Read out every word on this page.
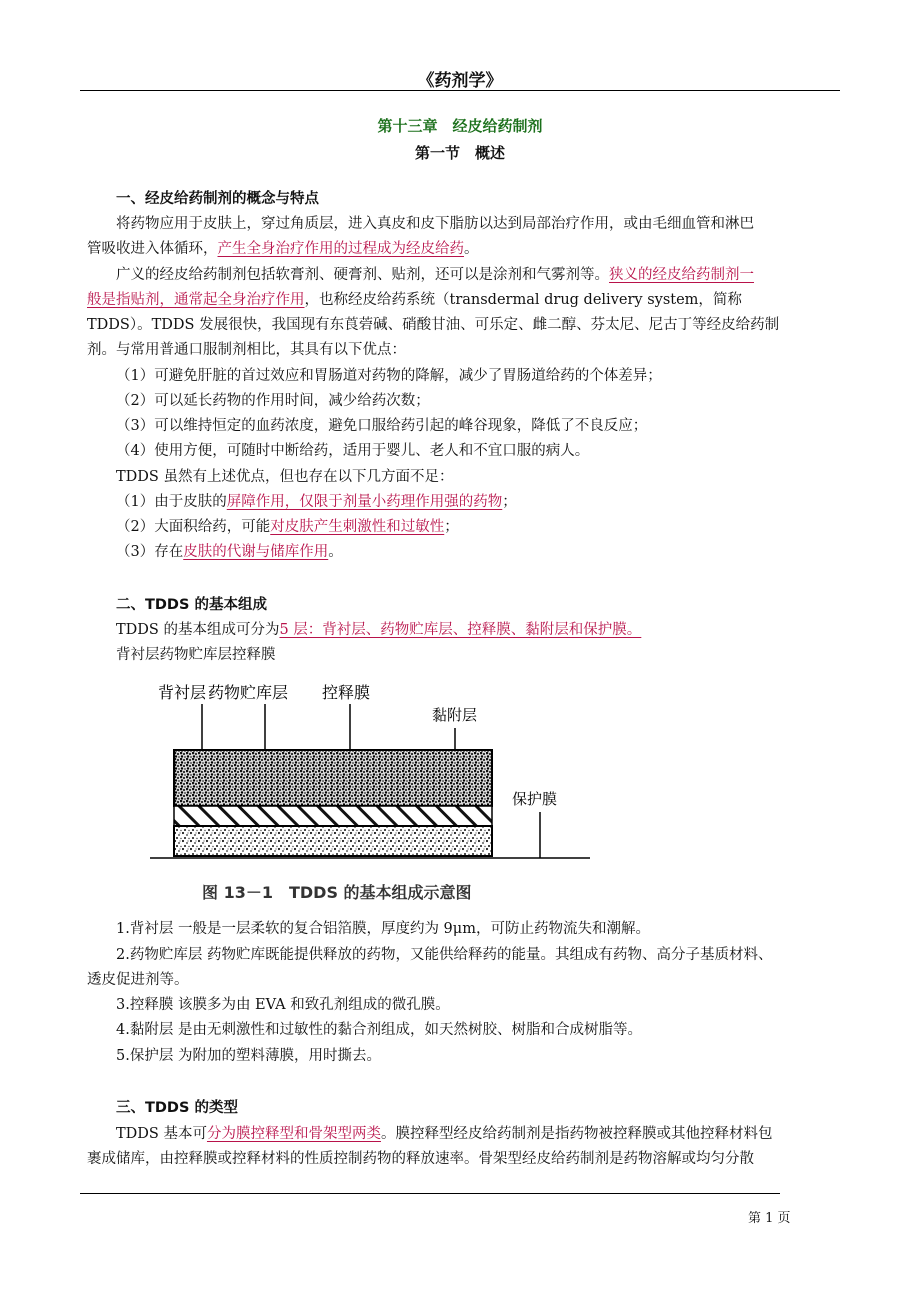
《药剂学》
第十三章　经皮给药制剂
第一节　概述
一、经皮给药制剂的概念与特点
将药物应用于皮肤上，穿过角质层，进入真皮和皮下脂肪以达到局部治疗作用，或由毛细血管和淋巴
管吸收进入体循环，产生全身治疗作用的过程成为经皮给药。
广义的经皮给药制剂包括软膏剂、硬膏剂、贴剂，还可以是涂剂和气雾剂等。狭义的经皮给药制剂一
般是指贴剂，通常起全身治疗作用，也称经皮给药系统（transdermal drug delivery system，简称
TDDS）。TDDS 发展很快，我国现有东莨菪碱、硝酸甘油、可乐定、雌二醇、芬太尼、尼古丁等经皮给药制
剂。与常用普通口服制剂相比，其具有以下优点：
（1）可避免肝脏的首过效应和胃肠道对药物的降解，减少了胃肠道给药的个体差异；
（2）可以延长药物的作用时间，减少给药次数；
（3）可以维持恒定的血药浓度，避免口服给药引起的峰谷现象，降低了不良反应；
（4）使用方便，可随时中断给药，适用于婴儿、老人和不宜口服的病人。
TDDS 虽然有上述优点，但也存在以下几方面不足：
（1）由于皮肤的屏障作用，仅限于剂量小药理作用强的药物；
（2）大面积给药，可能对皮肤产生刺激性和过敏性；
（3）存在皮肤的代谢与储库作用。
二、TDDS 的基本组成
TDDS 的基本组成可分为5 层：背衬层、药物贮库层、控释膜、黏附层和保护膜。
背衬层药物贮库层控释膜
背衬层 药物贮库层 控释膜
黏附层
保护膜
图 13－1　TDDS 的基本组成示意图
1.背衬层 一般是一层柔软的复合铝箔膜，厚度约为 9μm，可防止药物流失和潮解。
2.药物贮库层 药物贮库既能提供释放的药物，又能供给释药的能量。其组成有药物、高分子基质材料、
透皮促进剂等。
3.控释膜 该膜多为由 EVA 和致孔剂组成的微孔膜。
4.黏附层 是由无刺激性和过敏性的黏合剂组成，如天然树胶、树脂和合成树脂等。
5.保护层 为附加的塑料薄膜，用时撕去。
三、TDDS 的类型
TDDS 基本可分为膜控释型和骨架型两类。膜控释型经皮给药制剂是指药物被控释膜或其他控释材料包
裹成储库，由控释膜或控释材料的性质控制药物的释放速率。骨架型经皮给药制剂是药物溶解或均匀分散
第 1 页
